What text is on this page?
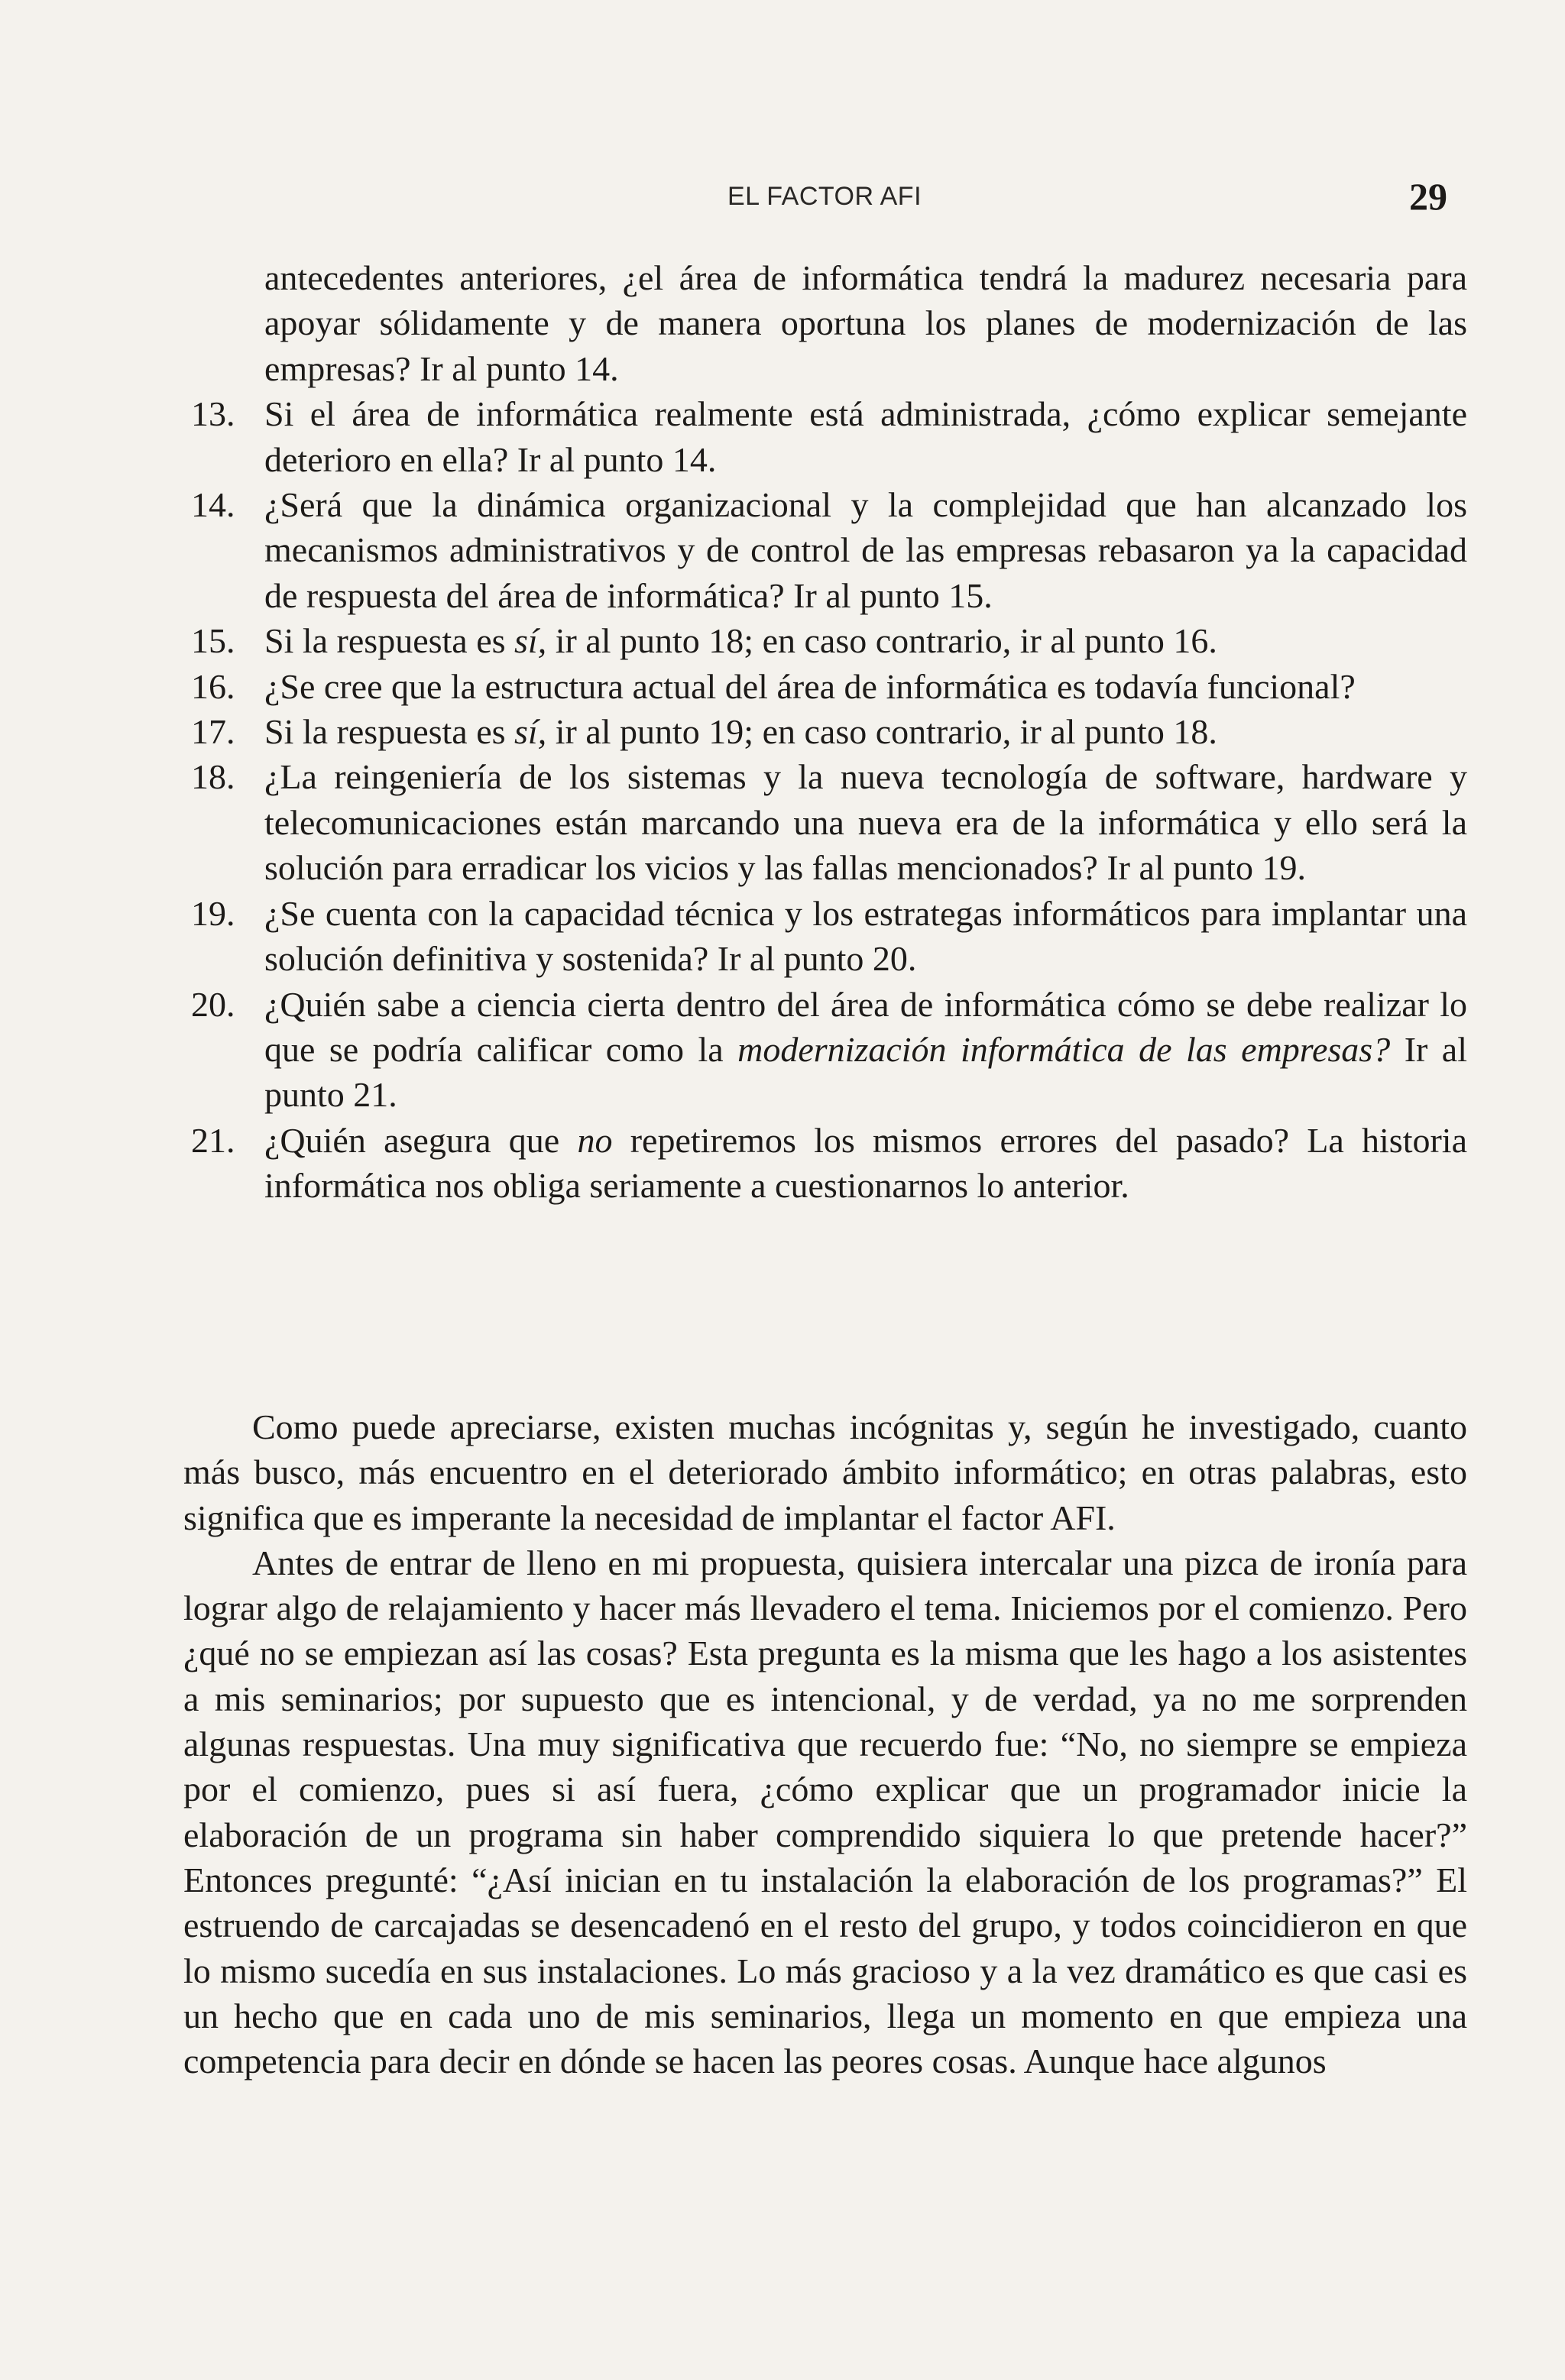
EL FACTOR AFI	29
antecedentes anteriores, ¿el área de informática tendrá la madurez necesaria para apoyar sólidamente y de manera oportuna los planes de modernización de las empresas? Ir al punto 14.
13. Si el área de informática realmente está administrada, ¿cómo explicar semejante deterioro en ella? Ir al punto 14.
14. ¿Será que la dinámica organizacional y la complejidad que han alcanzado los mecanismos administrativos y de control de las empresas rebasaron ya la capacidad de respuesta del área de informática? Ir al punto 15.
15. Si la respuesta es sí, ir al punto 18; en caso contrario, ir al punto 16.
16. ¿Se cree que la estructura actual del área de informática es todavía funcional?
17. Si la respuesta es sí, ir al punto 19; en caso contrario, ir al punto 18.
18. ¿La reingeniería de los sistemas y la nueva tecnología de software, hardware y telecomunicaciones están marcando una nueva era de la informática y ello será la solución para erradicar los vicios y las fallas mencionados? Ir al punto 19.
19. ¿Se cuenta con la capacidad técnica y los estrategas informáticos para implantar una solución definitiva y sostenida? Ir al punto 20.
20. ¿Quién sabe a ciencia cierta dentro del área de informática cómo se debe realizar lo que se podría calificar como la modernización informática de las empresas? Ir al punto 21.
21. ¿Quién asegura que no repetiremos los mismos errores del pasado? La historia informática nos obliga seriamente a cuestionarnos lo anterior.

Como puede apreciarse, existen muchas incógnitas y, según he investigado, cuanto más busco, más encuentro en el deteriorado ámbito informático; en otras palabras, esto significa que es imperante la necesidad de implantar el factor AFI.

Antes de entrar de lleno en mi propuesta, quisiera intercalar una pizca de ironía para lograr algo de relajamiento y hacer más llevadero el tema. Iniciemos por el comienzo. Pero ¿qué no se empiezan así las cosas? Esta pregunta es la misma que les hago a los asistentes a mis seminarios; por supuesto que es intencional, y de verdad, ya no me sorprenden algunas respuestas. Una muy significativa que recuerdo fue: “No, no siempre se empieza por el comienzo, pues si así fuera, ¿cómo explicar que un programador inicie la elaboración de un programa sin haber comprendido siquiera lo que pretende hacer?” Entonces pregunté: “¿Así inician en tu instalación la elaboración de los programas?” El estruendo de carcajadas se desencadenó en el resto del grupo, y todos coincidieron en que lo mismo sucedía en sus instalaciones. Lo más gracioso y a la vez dramático es que casi es un hecho que en cada uno de mis seminarios, llega un momento en que empieza una competencia para decir en dónde se hacen las peores cosas. Aunque hace algunos
